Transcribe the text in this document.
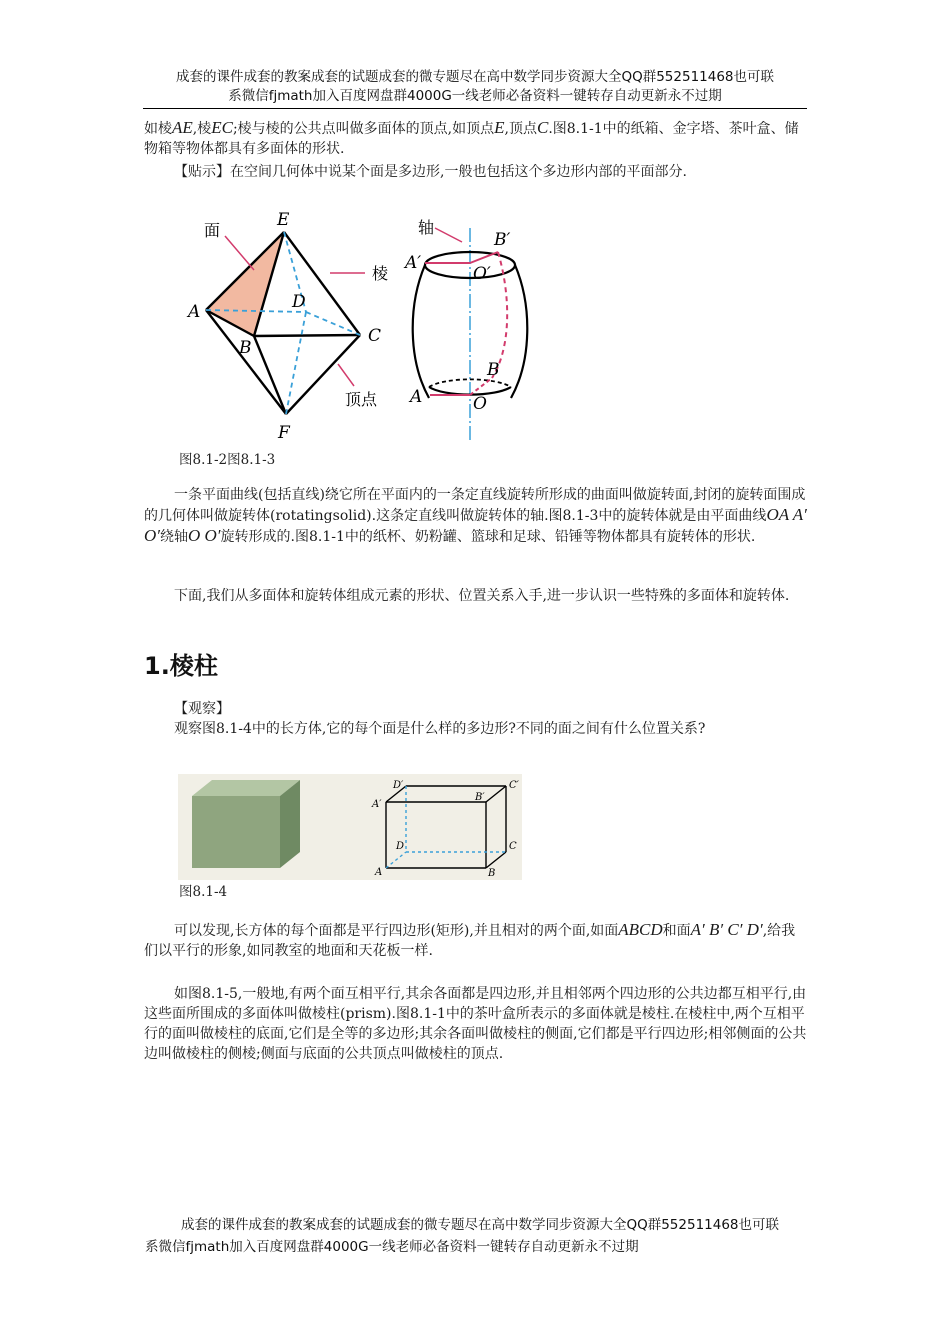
成套的课件成套的教案成套的试题成套的微专题尽在高中数学同步资源大全QQ群552511468也可联
系微信fjmath加入百度网盘群4000G一线老师必备资料一键转存自动更新永不过期
如棱AE,棱EC;棱与棱的公共点叫做多面体的顶点,如顶点E,顶点C.图8.1-1中的纸箱、金字塔、茶叶盒、储物箱等物体都具有多面体的形状.
【贴示】在空间几何体中说某个面是多边形,一般也包括这个多边形内部的平面部分.
面
棱
顶点
E
A
B
C
D
F
轴
A′
B′
O′
A
B
O
图8.1-2图8.1-3
一条平面曲线(包括直线)绕它所在平面内的一条定直线旋转所形成的曲面叫做旋转面,封闭的旋转面围成的几何体叫做旋转体(rotatingsolid).这条定直线叫做旋转体的轴.图8.1-3中的旋转体就是由平面曲线OA A′ O′绕轴O O′旋转形成的.图8.1-1中的纸杯、奶粉罐、篮球和足球、铅锤等物体都具有旋转体的形状.
下面,我们从多面体和旋转体组成元素的形状、位置关系入手,进一步认识一些特殊的多面体和旋转体.
1.棱柱
【观察】
观察图8.1-4中的长方体,它的每个面是什么样的多边形?不同的面之间有什么位置关系?
D′	C′
A′
B′
D	C
A	B
图8.1-4
可以发现,长方体的每个面都是平行四边形(矩形),并且相对的两个面,如面ABCD和面A′ B′ C′ D′,给我们以平行的形象,如同教室的地面和天花板一样.
如图8.1-5,一般地,有两个面互相平行,其余各面都是四边形,并且相邻两个四边形的公共边都互相平行,由这些面所围成的多面体叫做棱柱(prism).图8.1-1中的茶叶盒所表示的多面体就是棱柱.在棱柱中,两个互相平行的面叫做棱柱的底面,它们是全等的多边形;其余各面叫做棱柱的侧面,它们都是平行四边形;相邻侧面的公共边叫做棱柱的侧棱;侧面与底面的公共顶点叫做棱柱的顶点.
成套的课件成套的教案成套的试题成套的微专题尽在高中数学同步资源大全QQ群552511468也可联
系微信fjmath加入百度网盘群4000G一线老师必备资料一键转存自动更新永不过期
